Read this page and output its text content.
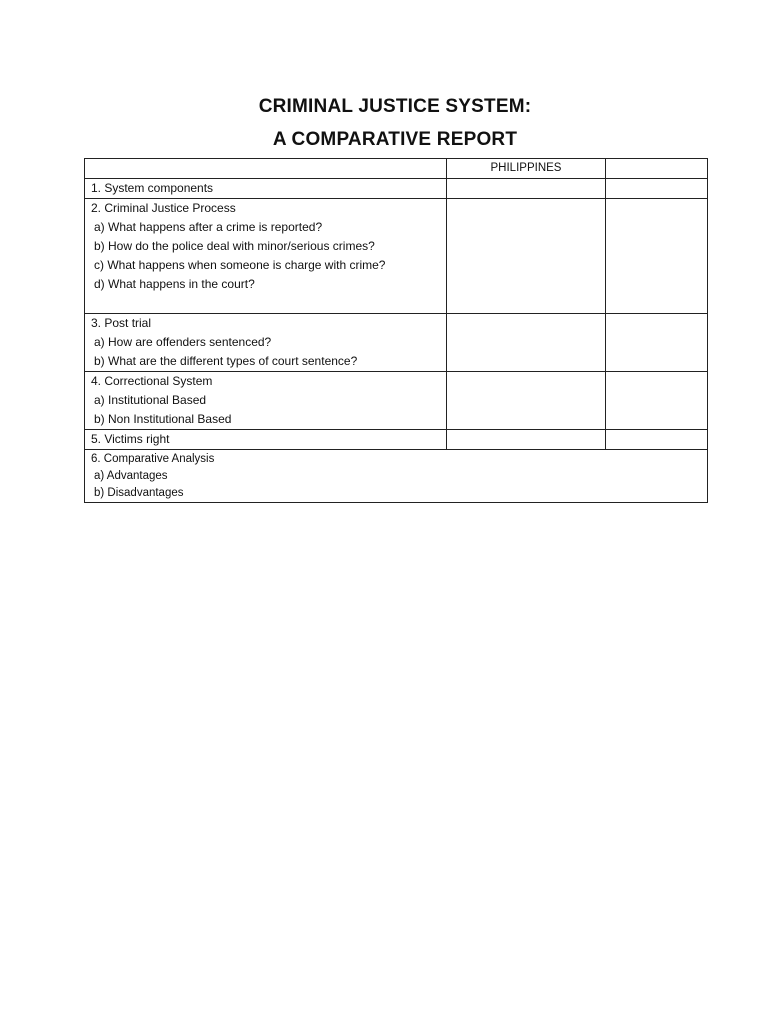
CRIMINAL JUSTICE SYSTEM:
A COMPARATIVE REPORT
	PHILIPPINES	

1. System components		

2. Criminal Justice Process
a) What happens after a crime is reported?
b) How do the police deal with minor/serious crimes?
c) What happens when someone is charge with crime?
d) What happens in the court?		

3. Post trial
a) How are offenders sentenced?
b) What are the different types of court sentence?		

4. Correctional System
a) Institutional Based
b) Non Institutional Based		

5. Victims right		

6. Comparative Analysis
a) Advantages
b) Disadvantages		
